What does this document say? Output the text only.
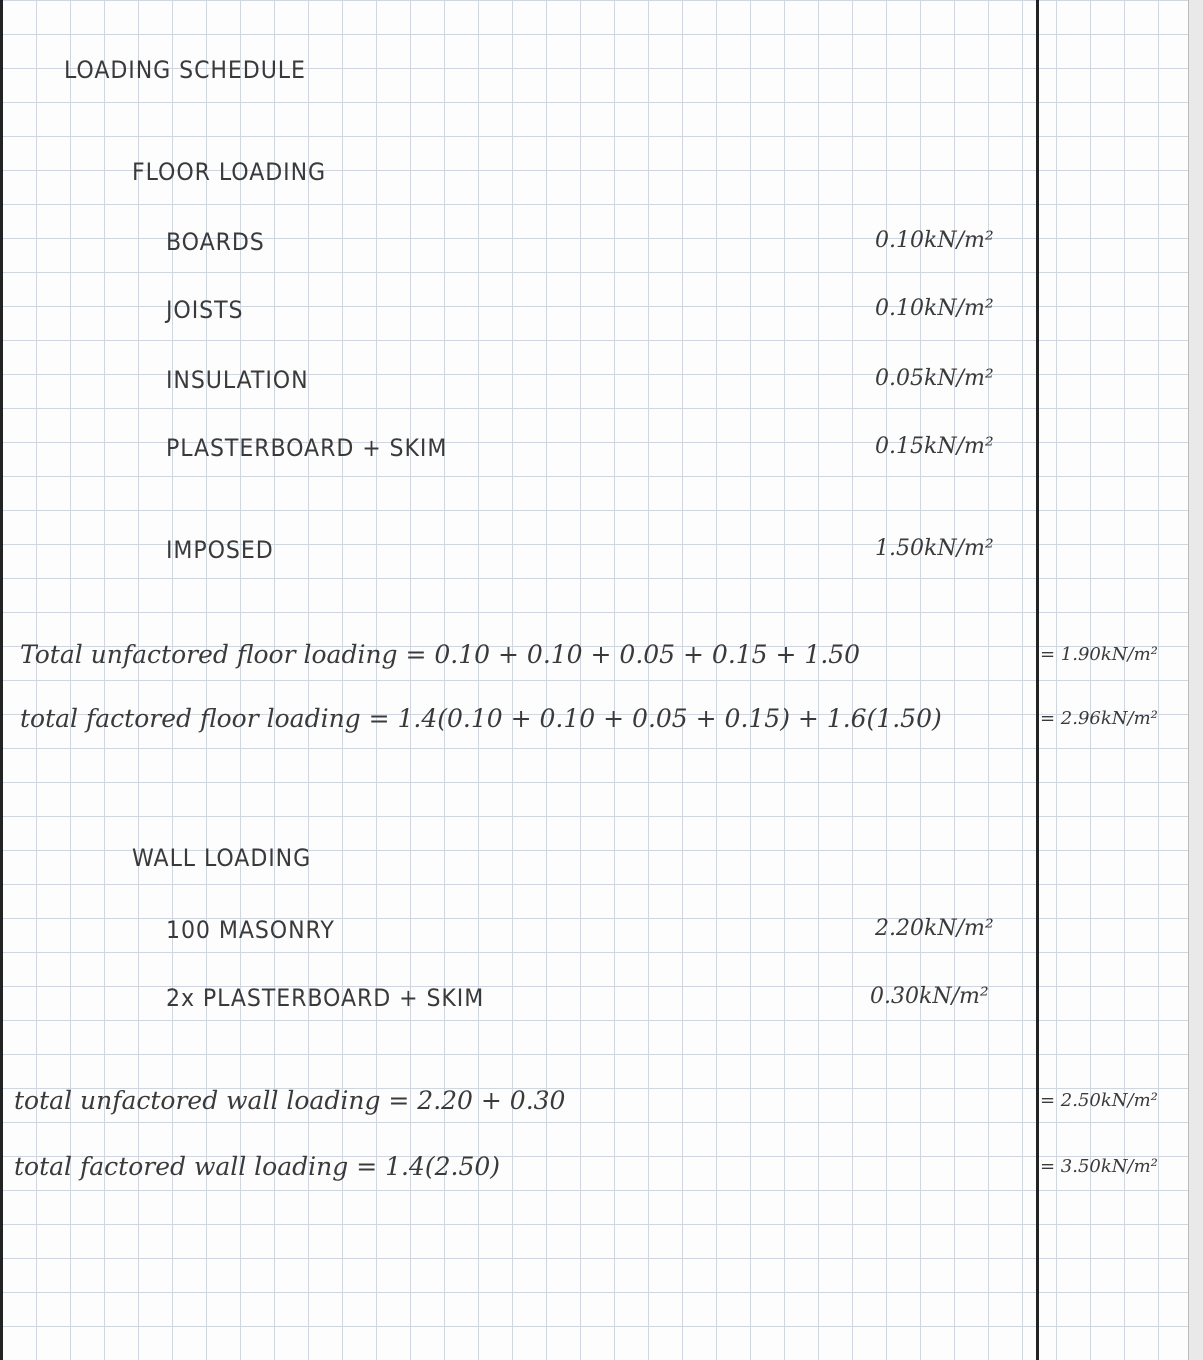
LOADING SCHEDULE
FLOOR LOADING
BOARDS	0.10kN/m²
JOISTS	0.10kN/m²
INSULATION	0.05kN/m²
PLASTERBOARD + SKIM	0.15kN/m²
IMPOSED	1.50kN/m²
Total unfactored floor loading = 0.10 + 0.10 + 0.05 + 0.15 + 1.50	= 1.90kN/m²
total factored floor loading = 1.4(0.10 + 0.10 + 0.05 + 0.15) + 1.6(1.50)	= 2.96kN/m²
WALL LOADING
100 MASONRY	2.20kN/m²
2x PLASTERBOARD + SKIM	0.30kN/m²
total unfactored wall loading = 2.20 + 0.30	= 2.50kN/m²
total factored wall loading = 1.4(2.50)	= 3.50kN/m²
